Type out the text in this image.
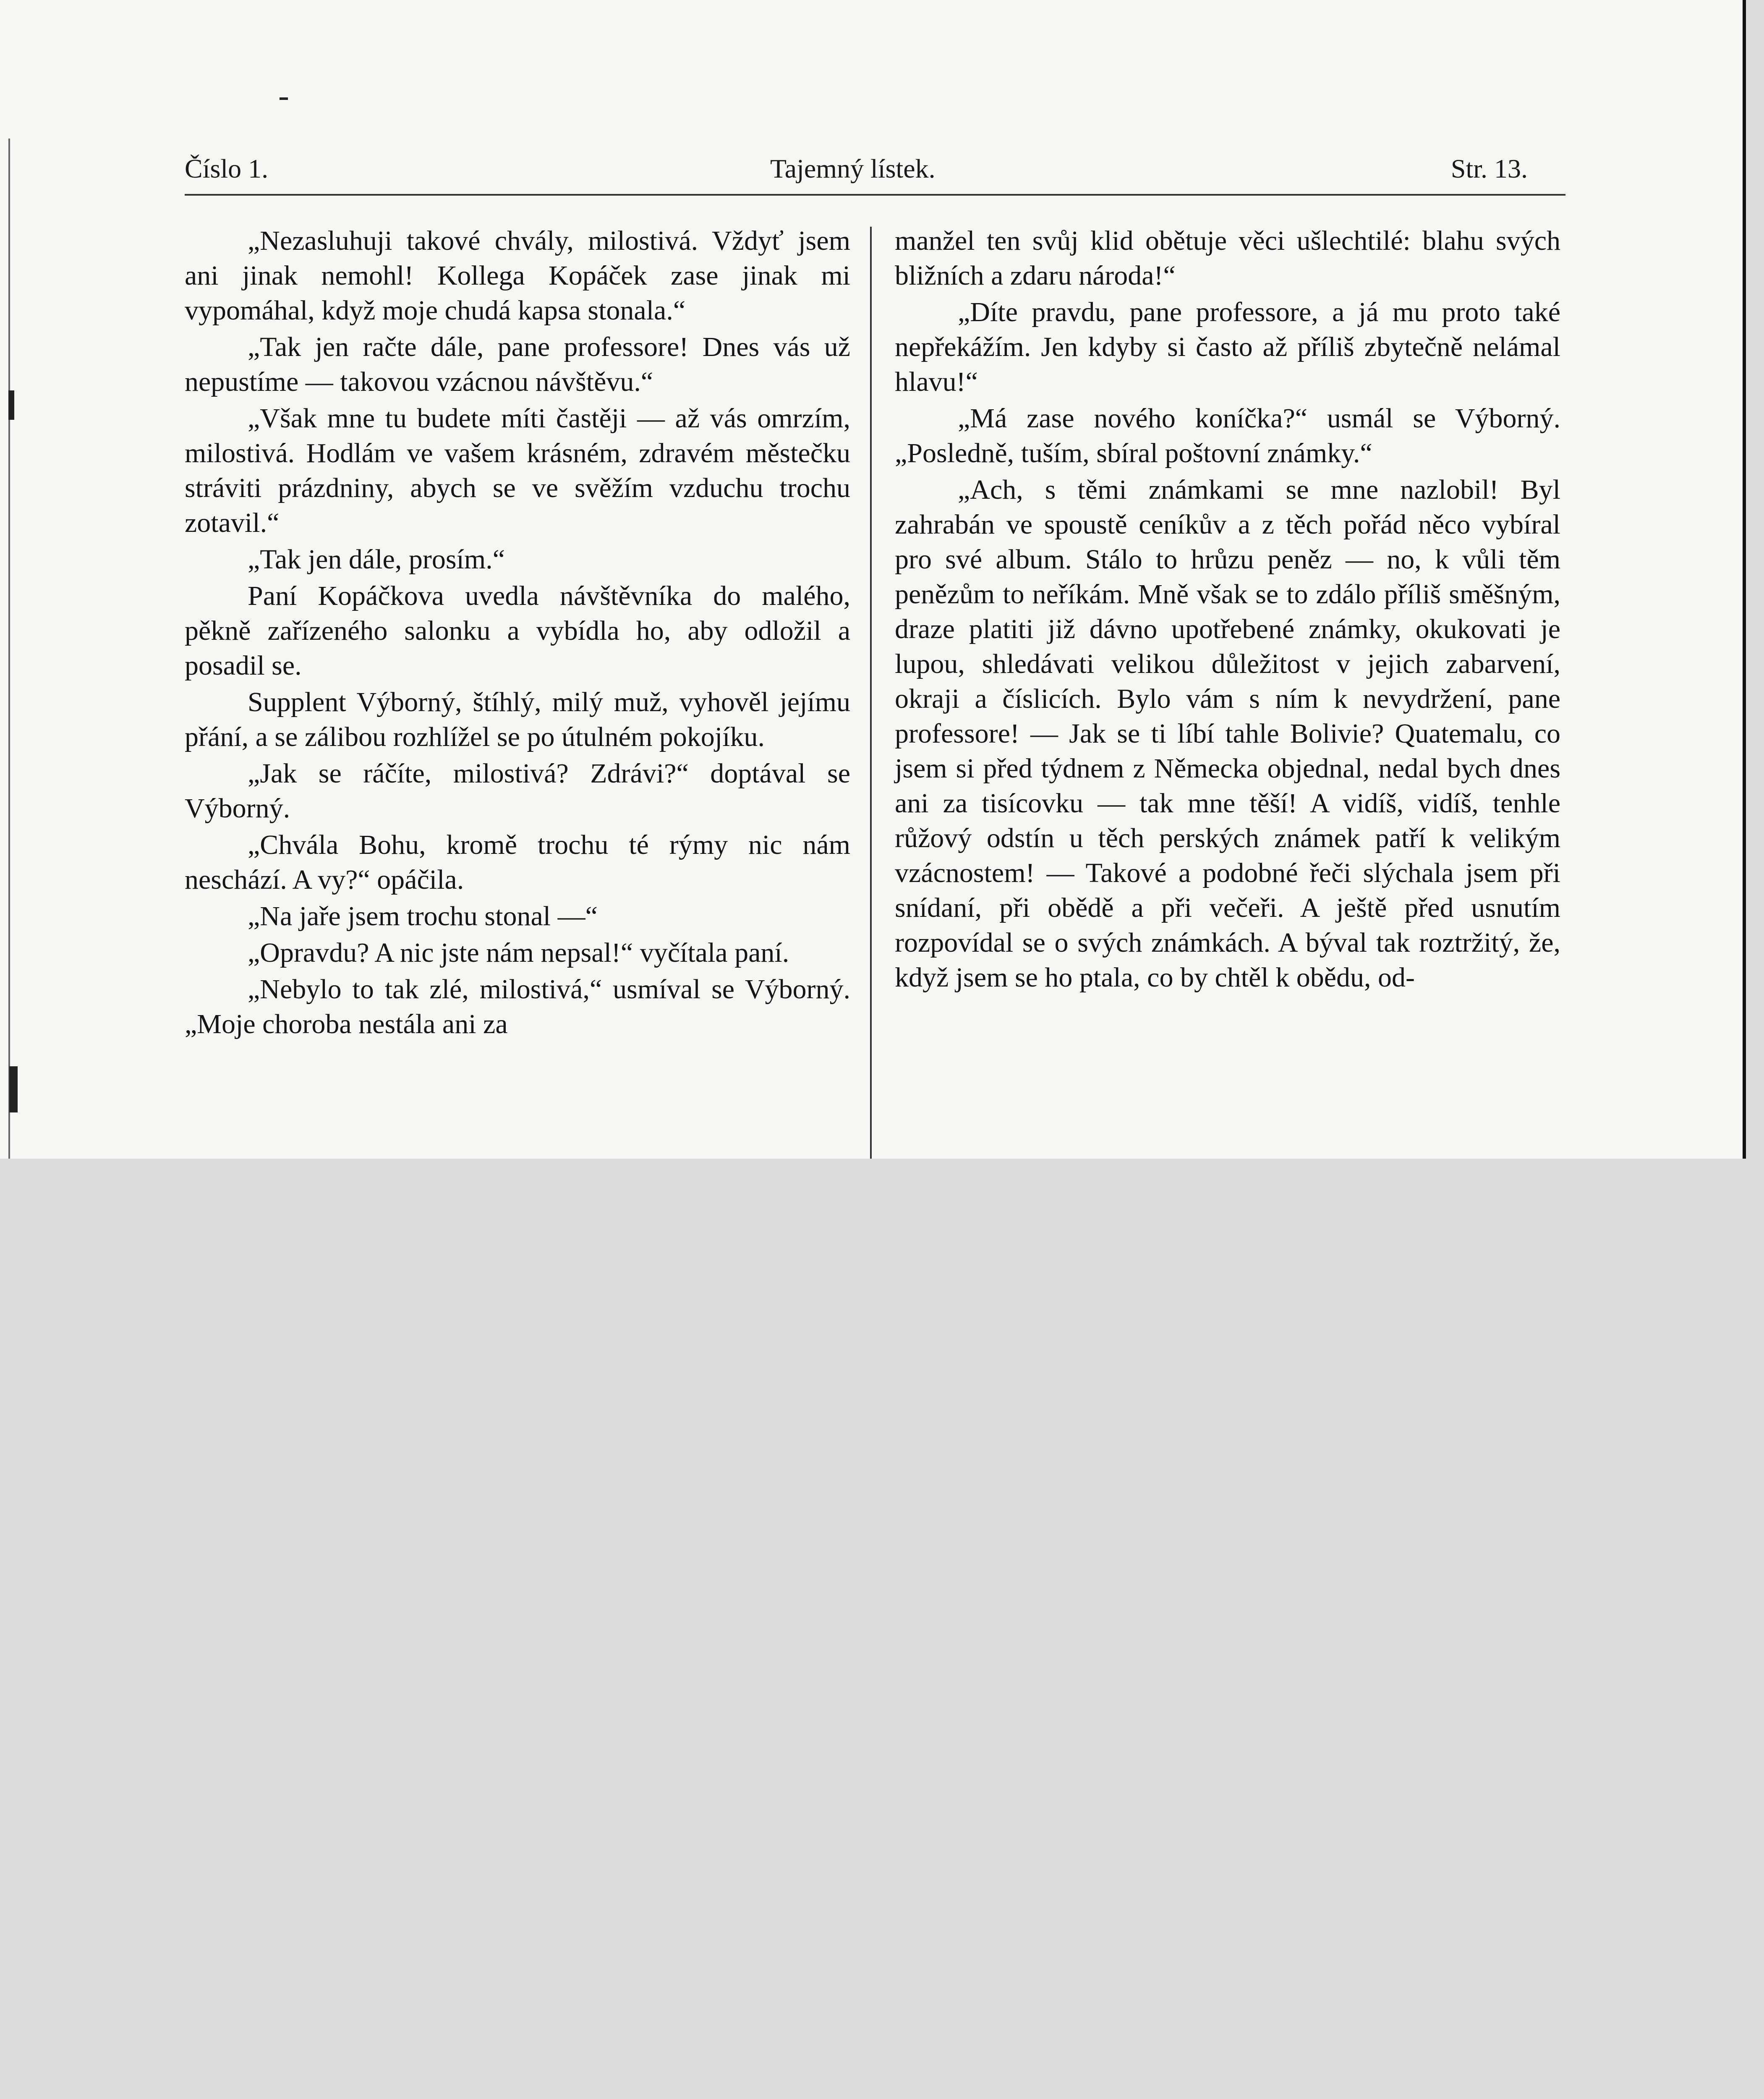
Číslo 1.	Tajemný lístek.	Str. 13.

„Nezasluhuji takové chvály, milostivá. Vždyť jsem ani jinak nemohl! Kollega Kopáček zase jinak mi vypomáhal, když moje chudá kapsa stonala.“

„Tak jen račte dále, pane professore! Dnes vás už nepustíme — takovou vzácnou návštěvu.“

„Však mne tu budete míti častěji — až vás omrzím, milostivá. Hodlám ve vašem krásném, zdravém městečku stráviti prázdniny, abych se ve svěžím vzduchu trochu zotavil.“

„Tak jen dále, prosím.“

Paní Kopáčkova uvedla návštěvníka do malého, pěkně zařízeného salonku a vybídla ho, aby odložil a posadil se.

Supplent Výborný, štíhlý, milý muž, vyhověl jejímu přání, a se zálibou rozhlížel se po útulném pokojíku.

„Jak se ráčíte, milostivá? Zdrávi?“ doptával se Výborný.

„Chvála Bohu, kromě trochu té rýmy nic nám neschází. A vy?“ opáčila.

„Na jaře jsem trochu stonal —“

„Opravdu? A nic jste nám nepsal!“ vyčítala paní.

„Nebylo to tak zlé, milostivá,“ usmíval se Výborný. „Moje choroba nestála ani za

manžel ten svůj klid obětuje věci ušlechtilé: blahu svých bližních a zdaru národa!“

„Díte pravdu, pane professore, a já mu proto také nepřekážím. Jen kdyby si často až příliš zbytečně nelámal hlavu!“

„Má zase nového koníčka?“ usmál se Výborný. „Posledně, tuším, sbíral poštovní známky.“

„Ach, s těmi známkami se mne nazlobil! Byl zahrabán ve spoustě ceníkův a z těch pořád něco vybíral pro své album. Stálo to hrůzu peněz — no, k vůli těm penězům to neříkám. Mně však se to zdálo příliš směšným, draze platiti již dávno upotřebené známky, okukovati je lupou, shledávati velikou důležitost v jejich zabarvení, okraji a číslicích. Bylo vám s ním k nevydržení, pane professore! — Jak se ti líbí tahle Bolivie? Quatemalu, co jsem si před týdnem z Německa objednal, nedal bych dnes ani za tisícovku — tak mne těší! A vidíš, vidíš, tenhle růžový odstín u těch perských známek patří k velikým vzácnostem! — Takové a podobné řeči slýchala jsem při snídaní, při obědě a při večeři. A ještě před usnutím rozpovídal se o svých známkách. A býval tak roztržitý, že, když jsem se ho ptala, co by chtěl k obědu, od-
